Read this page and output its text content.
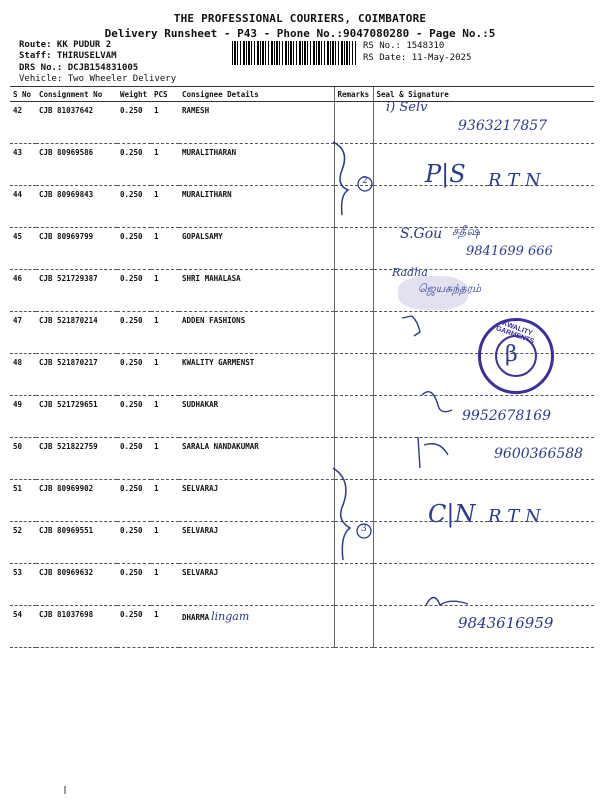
THE PROFESSIONAL COURIERS, COIMBATORE
Delivery Runsheet - P43 - Phone No.:9047080280 - Page No.:5
Route: KK PUDUR 2
Staff: THIRUSELVAM
DRS No.: DCJB154831005
Vehicle: Two Wheeler Delivery
RS No.: 1548310
RS Date: 11-May-2025
S No	Consignment No	Weight	PCS	Consignee Details	Remarks	Seal & Signature
42	CJB 81037642	0.250	1	RAMESH		
43	CJB 80969586	0.250	1	MURALITHARAN		
44	CJB 80969843	0.250	1	MURALITHARN		
45	CJB 80969799	0.250	1	GOPALSAMY		
46	CJB 521729387	0.250	1	SHRI MAHALASA		
47	CJB 521870214	0.250	1	ADDEN FASHIONS		
48	CJB 521870217	0.250	1	KWALITY GARMENST		
49	CJB 521729651	0.250	1	SUDHAKAR		
50	CJB 521822759	0.250	1	SARALA NANDAKUMAR		
51	CJB 80969902	0.250	1	SELVARAJ		
52	CJB 80969551	0.250	1	SELVARAJ		
53	CJB 80969632	0.250	1	SELVARAJ		
54	CJB 81037698	0.250	1	DHARMA lingam		
i) Selv
9363217857
2 P|S R T N
S.Gou சதீஷ்
9841699 666
Radha
ஜெயசுந்தரம்
KWALITY GARMENTS
β
9952678169
9600366588
3
C|N R T N
9843616959
